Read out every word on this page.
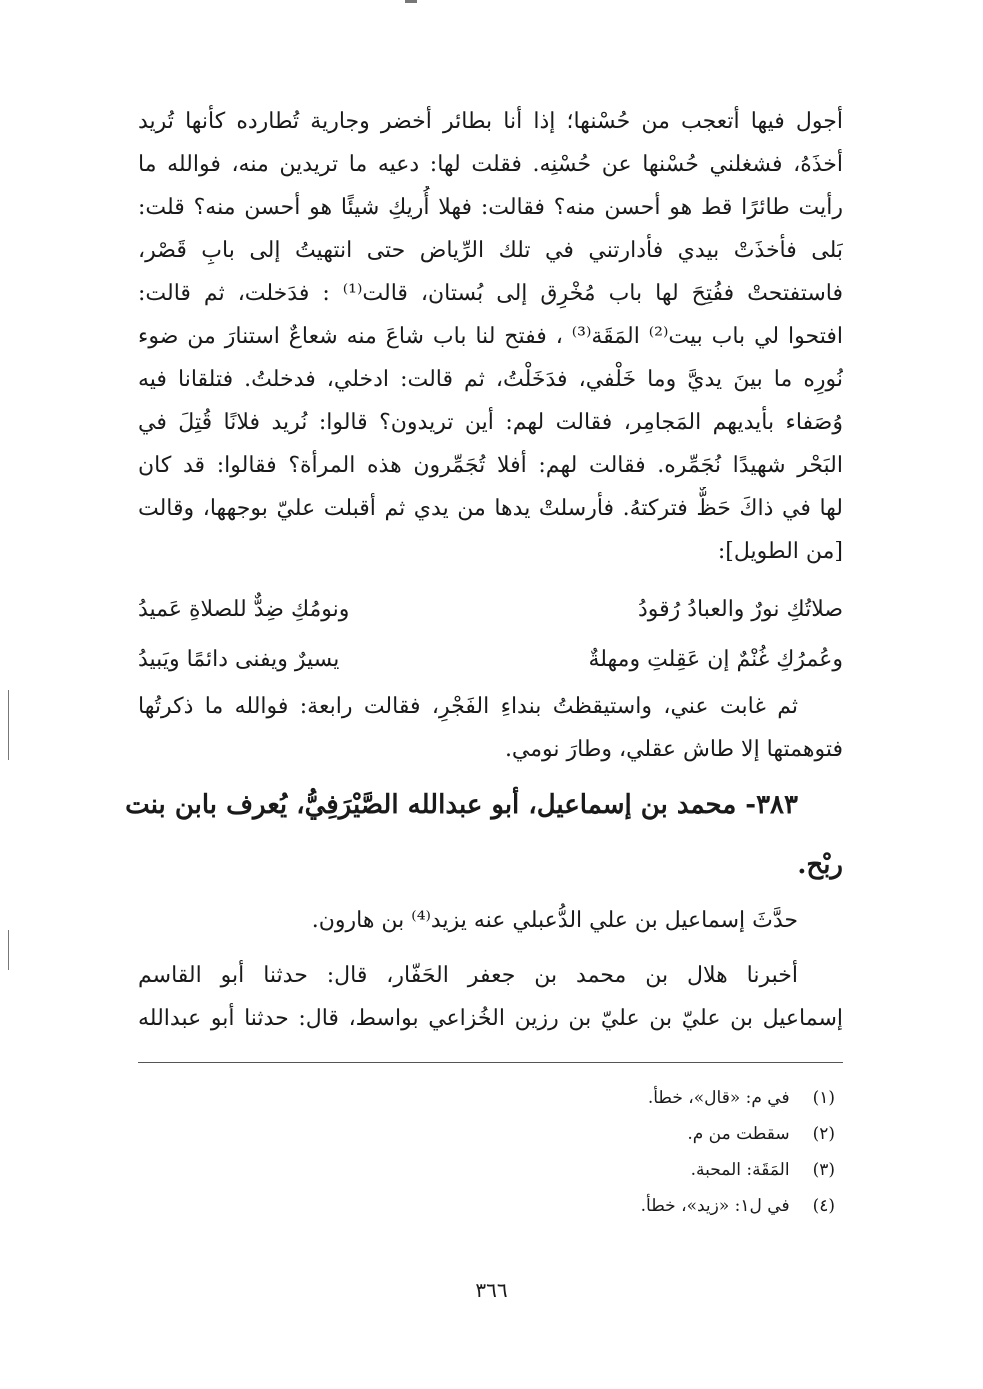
أجول فيها أتعجب من حُسْنها؛ إذا أنا بطائر أخضر وجارية تُطارده كأنها تُريد
أخذَهُ، فشغلني حُسْنها عن حُسْنِه. فقلت لها: دعيه ما تريدين منه، فوالله ما
رأيت طائرًا قط هو أحسن منه؟ فقالت: فهلا أُريكِ شيئًا هو أحسن منه؟ قلت:
بَلى فأخذَتْ بيدي فأدارتني في تلك الرِّياض حتى انتهيتُ إلى بابِ قَصْر،
فاستفتحتْ ففُتِحَ لها باب مُخْرِق إلى بُستان، قالت⁽¹⁾ : فدَخلت، ثم قالت:
افتحوا لي باب بيت⁽²⁾ المَقَة⁽³⁾ ، ففتح لنا باب شاعَ منه شعاعٌ استنارَ من ضوء
نُورِه ما بينَ يديَّ وما خَلْفي، فدَخَلْتُ، ثم قالت: ادخلي، فدخلتُ. فتلقانا فيه
وُصَفاء بأيديهم المَجامِر، فقالت لهم: أين تريدون؟ قالوا: نُريد فلانًا قُتِلَ في
البَحْر شهيدًا نُجَمِّره. فقالت لهم: أفلا تُجَمِّرون هذه المرأة؟ فقالوا: قد كان
لها في ذاكَ حَظٌّ فتركتهُ. فأرسلتْ يدها من يدي ثم أقبلت عليّ بوجهها، وقالت
[من الطويل]:
صلاتُكِ نورٌ والعبادُ رُقودُ
ونومُكِ ضِدٌّ للصلاةِ عَميدُ
وعُمرُكِ غُنْمٌ إن عَقِلتِ ومهلةٌ
يسيرٌ ويفنى دائمًا ويَبيدُ
ثم غابت عني، واستيقظتُ بنداءِ الفَجْرِ، فقالت رابعة: فوالله ما ذكرتُها
فتوهمتها إلا طاش عقلي، وطارَ نومي.
٣٨٣- محمد بن إسماعيل، أبو عبدالله الصَّيْرَفِيُّ، يُعرف بابن بنت
ربْح.
حدَّثَ إسماعيل بن علي الدُّعبلي عنه يزيد⁽⁴⁾ بن هارون.
أخبرنا هلال بن محمد بن جعفر الحَفّار، قال: حدثنا أبو القاسم
إسماعيل بن عليّ بن عليّ بن رزين الخُزاعي بواسط، قال: حدثنا أبو عبدالله
(١) في م: «قال»، خطأ.
(٢) سقطت من م.
(٣) المَقَة: المحبة.
(٤) في ل١: «زيد»، خطأ.
٣٦٦
